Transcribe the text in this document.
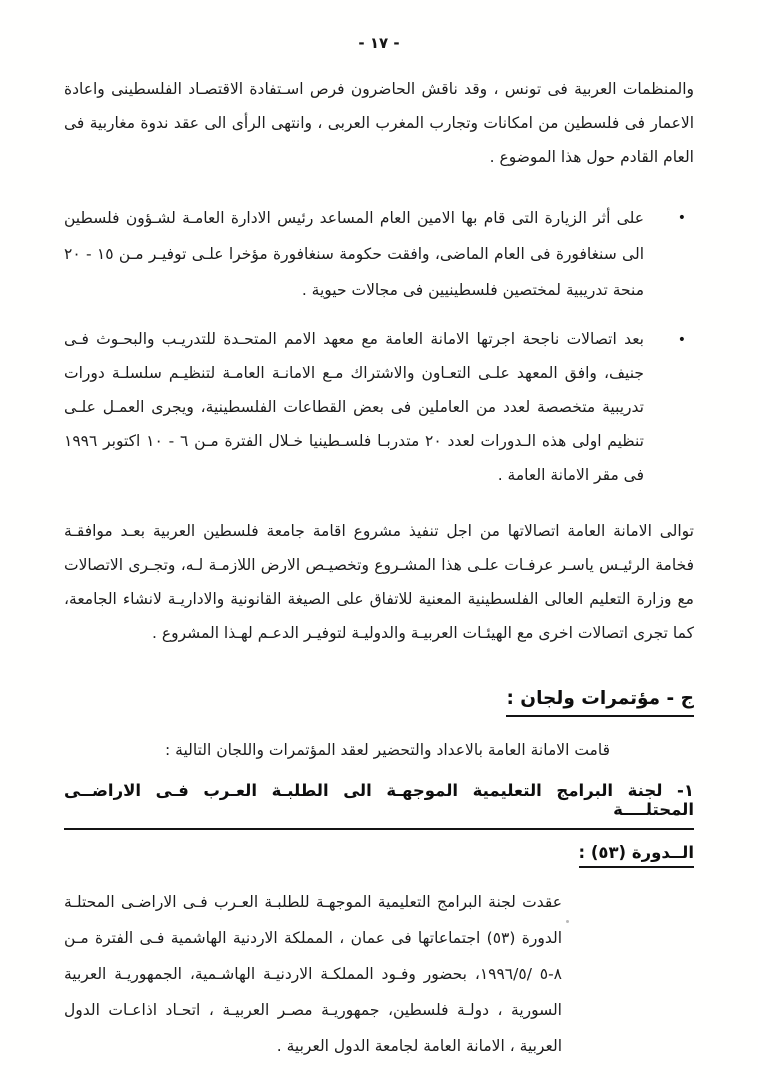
- ١٧ -

والمنظمات العربية فى تونس ، وقد ناقش الحاضرون فرص اسـتفادة الاقتصـاد الفلسطينى واعادة الاعمار فى فلسطين من امكانات وتجارب المغرب العربى ، وانتهى الرأى الى عقد ندوة مغاربية فى العام القادم حول هذا الموضوع .

•

على أثر الزيارة التى قام بها الامين العام المساعد رئيس الادارة العامـة لشـؤون فلسطين الى سنغافورة فى العام الماضى، وافقت حكومة سنغافورة مؤخرا علـى توفيـر مـن ١٥ - ٢٠ منحة تدريبية لمختصين فلسطينيين فى مجالات حيوية .

•

بعد اتصالات ناجحة اجرتها الامانة العامة مع معهد الامم المتحـدة للتدريـب والبحـوث فـى جنيف، وافق المعهد علـى التعـاون والاشتراك مـع الامانـة العامـة لتنظيـم سلسلـة دورات تدريبية متخصصة لعدد من العاملين فى بعض القطاعات الفلسطينية، ويجرى العمـل علـى تنظيم اولى هذه الـدورات لعدد ٢٠ متدربـا فلسـطينيا خـلال الفترة مـن ٦ - ١٠ اكتوبر ١٩٩٦ فى مقر الامانة العامة .

توالى الامانة العامة اتصالاتها من اجل تنفيذ مشروع اقامة جامعة فلسطين العربية بعـد موافقـة فخامة الرئيـس ياسـر عرفـات علـى هذا المشـروع وتخصيـص الارض اللازمـة لـه، وتجـرى الاتصالات مع وزارة التعليم العالى الفلسطينية المعنية للاتفاق على الصيغة القانونية والاداريـة لانشاء الجامعة، كما تجرى اتصالات اخرى مع الهيئـات العربيـة والدوليـة لتوفيـر الدعـم لهـذا المشروع .

ج - مؤتمرات ولجان :

قامت الامانة العامة بالاعداد والتحضير لعقد المؤتمرات واللجان التالية :

١- لجنة البرامج التعليمية الموجهـة الى الطلبـة العـرب فـى الاراضــى المحتلــــة
الــدورة (٥٣) :

عقدت لجنة البرامج التعليمية الموجهـة للطلبـة العـرب فـى الاراضـى المحتلـة الدورة (٥٣) اجتماعاتها فى عمان ، المملكة الاردنية الهاشمية فـى الفترة مـن ٨-٥ /١٩٩٦/٥، بحضور وفـود المملكـة الاردنيـة الهاشـمية، الجمهوريـة العربية السورية ، دولـة فلسطين، جمهوريـة مصـر العربيـة ، اتحـاد اذاعـات الدول العربية ، الامانة العامة لجامعة الدول العربية .
